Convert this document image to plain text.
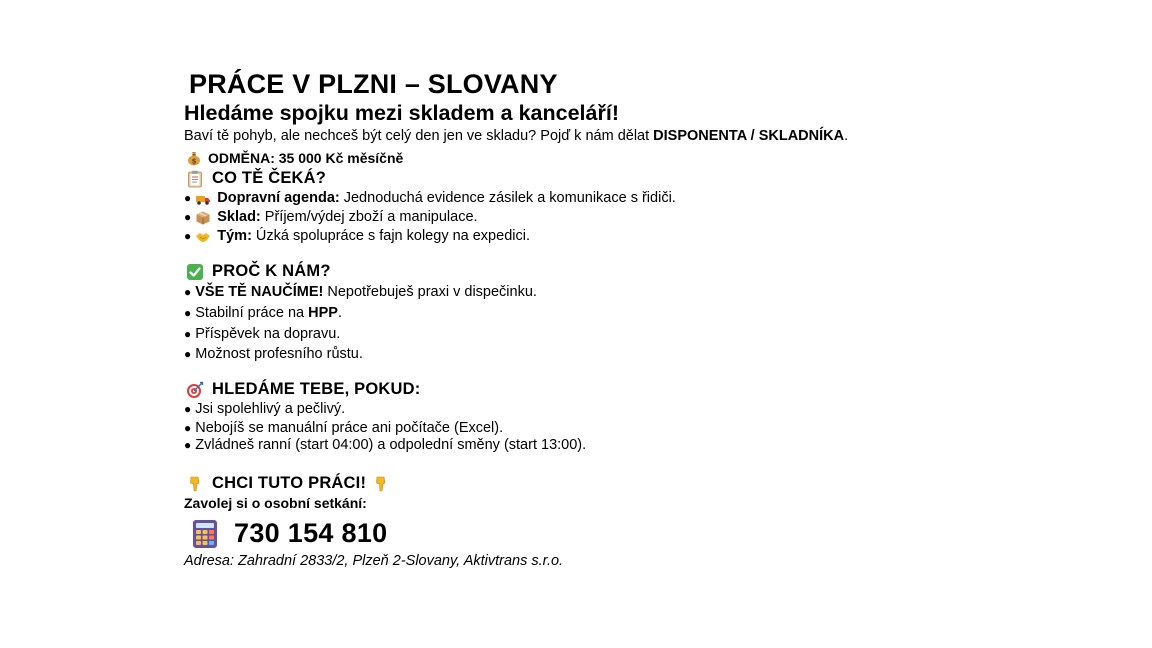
PRÁCE V PLZNI – SLOVANY
Hledáme spojku mezi skladem a kanceláří!
Baví tě pohyb, ale nechceš být celý den jen ve skladu? Pojď k nám dělat DISPONENTA / SKLADNÍKA.
$ ODMĚNA: 35 000 Kč měsíčně
CO TĚ ČEKÁ?
● Dopravní agenda: Jednoduchá evidence zásilek a komunikace s řidiči.
● Sklad: Příjem/výdej zboží a manipulace.
● Tým: Úzká spolupráce s fajn kolegy na expedici.
PROČ K NÁM?
● VŠE TĚ NAUČÍME! Nepotřebuješ praxi v dispečinku.
● Stabilní práce na HPP .
● Příspěvek na dopravu.
● Možnost profesního růstu.
HLEDÁME TEBE, POKUD:
● Jsi spolehlivý a pečlivý.
● Nebojíš se manuální práce ani počítače (Excel).
● Zvládneš ranní (start 04:00) a odpolední směny (start 13:00).
CHCI TUTO PRÁCI!
Zavolej si o osobní setkání:
730 154 810
Adresa: Zahradní 2833/2, Plzeň 2-Slovany, Aktivtrans s.r.o.
